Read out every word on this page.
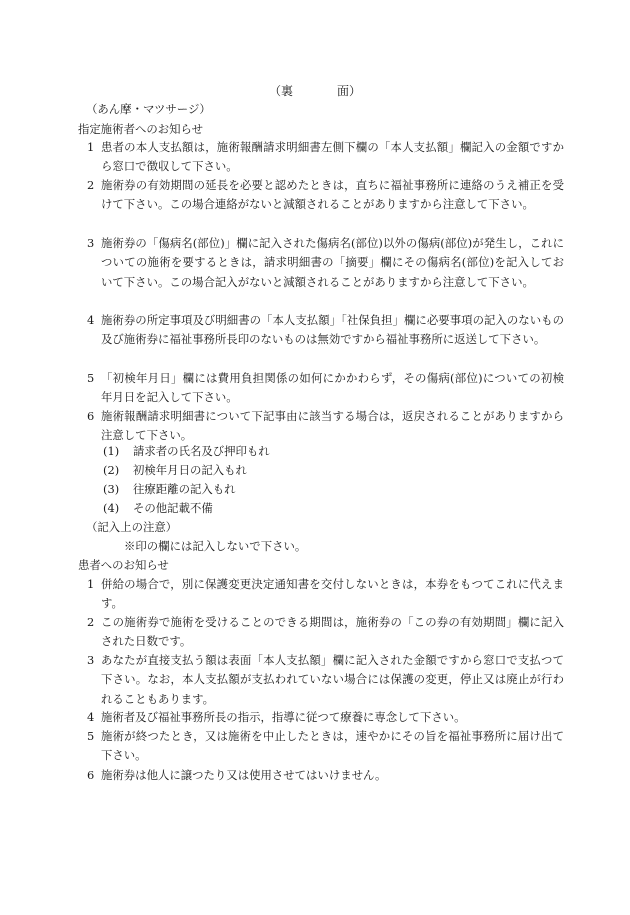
（裏	面）
（あん摩・マツサージ）
指定施術者へのお知らせ
1 患者の本人支払額は，施術報酬請求明細書左側下欄の「本人支払額」欄記入の金額ですから窓口で徴収して下さい。
2 施術券の有効期間の延長を必要と認めたときは，直ちに福祉事務所に連絡のうえ補正を受けて下さい。この場合連絡がないと減額されることがありますから注意して下さい。
3 施術券の「傷病名(部位)」欄に記入された傷病名(部位)以外の傷病(部位)が発生し，これについての施術を要するときは，請求明細書の「摘要」欄にその傷病名(部位)を記入しておいて下さい。この場合記入がないと減額されることがありますから注意して下さい。
4 施術券の所定事項及び明細書の「本人支払額」「社保負担」欄に必要事項の記入のないもの及び施術券に福祉事務所長印のないものは無効ですから福祉事務所に返送して下さい。
5 「初検年月日」欄には費用負担関係の如何にかかわらず，その傷病(部位)についての初検年月日を記入して下さい。
6 施術報酬請求明細書について下記事由に該当する場合は，返戻されることがありますから注意して下さい。
(1) 請求者の氏名及び押印もれ
(2) 初検年月日の記入もれ
(3) 往療距離の記入もれ
(4) その他記載不備
（記入上の注意）
※印の欄には記入しないで下さい。
患者へのお知らせ
1 併給の場合で，別に保護変更決定通知書を交付しないときは，本券をもつてこれに代えます。
2 この施術券で施術を受けることのできる期間は，施術券の「この券の有効期間」欄に記入された日数です。
3 あなたが直接支払う額は表面「本人支払額」欄に記入された金額ですから窓口で支払つて下さい。なお，本人支払額が支払われていない場合には保護の変更，停止又は廃止が行われることもあります。
4 施術者及び福祉事務所長の指示，指導に従つて療養に専念して下さい。
5 施術が終つたとき，又は施術を中止したときは，速やかにその旨を福祉事務所に届け出て下さい。
6 施術券は他人に譲つたり又は使用させてはいけません。
